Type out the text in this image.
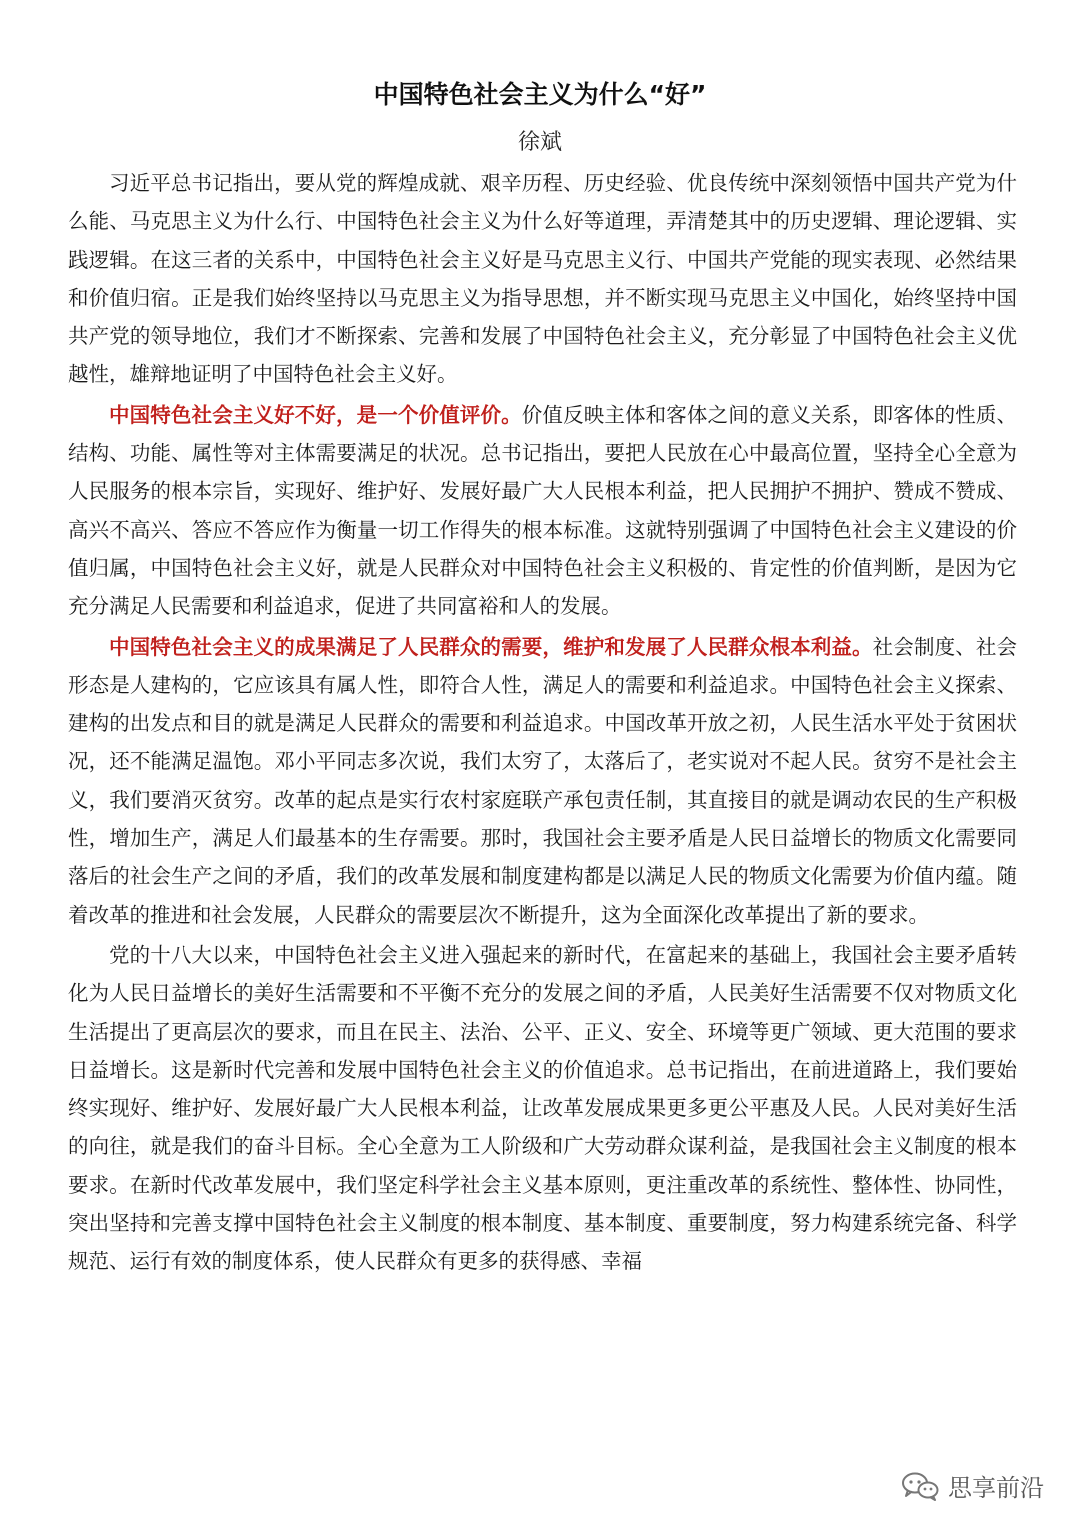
中国特色社会主义为什么“好”
徐斌

习近平总书记指出，要从党的辉煌成就、艰辛历程、历史经验、优良传统中深刻领悟中国共产党为什么能、马克思主义为什么行、中国特色社会主义为什么好等道理，弄清楚其中的历史逻辑、理论逻辑、实践逻辑。在这三者的关系中，中国特色社会主义好是马克思主义行、中国共产党能的现实表现、必然结果和价值归宿。正是我们始终坚持以马克思主义为指导思想，并不断实现马克思主义中国化，始终坚持中国共产党的领导地位，我们才不断探索、完善和发展了中国特色社会主义，充分彰显了中国特色社会主义优越性，雄辩地证明了中国特色社会主义好。

中国特色社会主义好不好，是一个价值评价。价值反映主体和客体之间的意义关系，即客体的性质、结构、功能、属性等对主体需要满足的状况。总书记指出，要把人民放在心中最高位置，坚持全心全意为人民服务的根本宗旨，实现好、维护好、发展好最广大人民根本利益，把人民拥护不拥护、赞成不赞成、高兴不高兴、答应不答应作为衡量一切工作得失的根本标准。这就特别强调了中国特色社会主义建设的价值归属，中国特色社会主义好，就是人民群众对中国特色社会主义积极的、肯定性的价值判断，是因为它充分满足人民需要和利益追求，促进了共同富裕和人的发展。

中国特色社会主义的成果满足了人民群众的需要，维护和发展了人民群众根本利益。社会制度、社会形态是人建构的，它应该具有属人性，即符合人性，满足人的需要和利益追求。中国特色社会主义探索、建构的出发点和目的就是满足人民群众的需要和利益追求。中国改革开放之初，人民生活水平处于贫困状况，还不能满足温饱。邓小平同志多次说，我们太穷了，太落后了，老实说对不起人民。贫穷不是社会主义，我们要消灭贫穷。改革的起点是实行农村家庭联产承包责任制，其直接目的就是调动农民的生产积极性，增加生产，满足人们最基本的生存需要。那时，我国社会主要矛盾是人民日益增长的物质文化需要同落后的社会生产之间的矛盾，我们的改革发展和制度建构都是以满足人民的物质文化需要为价值内蕴。随着改革的推进和社会发展，人民群众的需要层次不断提升，这为全面深化改革提出了新的要求。

党的十八大以来，中国特色社会主义进入强起来的新时代，在富起来的基础上，我国社会主要矛盾转化为人民日益增长的美好生活需要和不平衡不充分的发展之间的矛盾，人民美好生活需要不仅对物质文化生活提出了更高层次的要求，而且在民主、法治、公平、正义、安全、环境等更广领域、更大范围的要求日益增长。这是新时代完善和发展中国特色社会主义的价值追求。总书记指出，在前进道路上，我们要始终实现好、维护好、发展好最广大人民根本利益，让改革发展成果更多更公平惠及人民。人民对美好生活的向往，就是我们的奋斗目标。全心全意为工人阶级和广大劳动群众谋利益，是我国社会主义制度的根本要求。在新时代改革发展中，我们坚定科学社会主义基本原则，更注重改革的系统性、整体性、协同性，突出坚持和完善支撑中国特色社会主义制度的根本制度、基本制度、重要制度，努力构建系统完备、科学规范、运行有效的制度体系，使人民群众有更多的获得感、幸福

思享前沿
